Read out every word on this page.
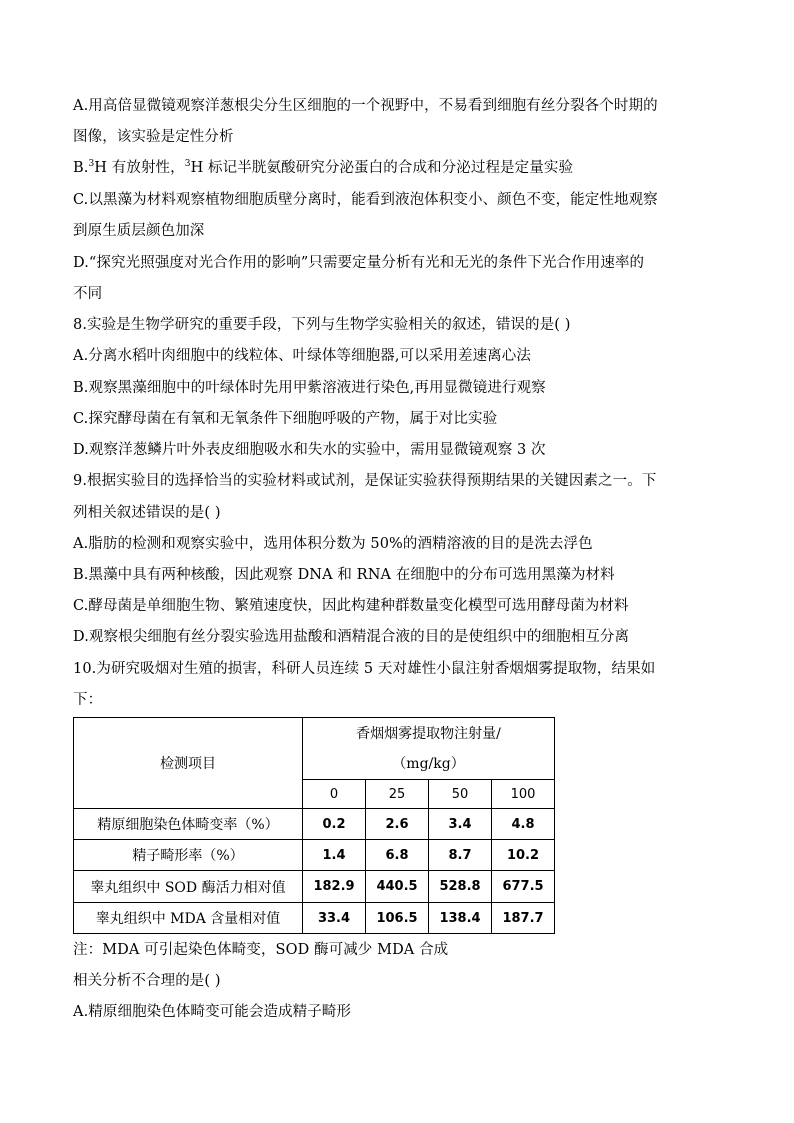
A.用高倍显微镜观察洋葱根尖分生区细胞的一个视野中，不易看到细胞有丝分裂各个时期的
图像，该实验是定性分析
B.$^3$H 有放射性，$^3$H 标记半胱氨酸研究分泌蛋白的合成和分泌过程是定量实验
C.以黑藻为材料观察植物细胞质壁分离时，能看到液泡体积变小、颜色不变，能定性地观察
到原生质层颜色加深
D.“探究光照强度对光合作用的影响”只需要定量分析有光和无光的条件下光合作用速率的
不同
8.实验是生物学研究的重要手段，下列与生物学实验相关的叙述，错误的是( )
A.分离水稻叶肉细胞中的线粒体、叶绿体等细胞器,可以采用差速离心法
B.观察黑藻细胞中的叶绿体时先用甲紫溶液进行染色,再用显微镜进行观察
C.探究酵母菌在有氧和无氧条件下细胞呼吸的产物，属于对比实验
D.观察洋葱鳞片叶外表皮细胞吸水和失水的实验中，需用显微镜观察 3 次
9.根据实验目的选择恰当的实验材料或试剂，是保证实验获得预期结果的关键因素之一。下
列相关叙述错误的是( )
A.脂肪的检测和观察实验中，选用体积分数为 50%的酒精溶液的目的是洗去浮色
B.黑藻中具有两种核酸，因此观察 DNA 和 RNA 在细胞中的分布可选用黑藻为材料
C.酵母菌是单细胞生物、繁殖速度快，因此构建种群数量变化模型可选用酵母菌为材料
D.观察根尖细胞有丝分裂实验选用盐酸和酒精混合液的目的是使组织中的细胞相互分离
10.为研究吸烟对生殖的损害，科研人员连续 5 天对雄性小鼠注射香烟烟雾提取物，结果如
下：
检测项目	香烟烟雾提取物注射量/
（mg/kg）			

	0	25	50	100
精原细胞染色体畸变率（%）	0.2	2.6	3.4	4.8
精子畸形率（%）	1.4	6.8	8.7	10.2
睾丸组织中 SOD 酶活力相对值	182.9	440.5	528.8	677.5
睾丸组织中 MDA 含量相对值	33.4	106.5	138.4	187.7
注：MDA 可引起染色体畸变，SOD 酶可减少 MDA 合成
相关分析不合理的是( )
A.精原细胞染色体畸变可能会造成精子畸形
